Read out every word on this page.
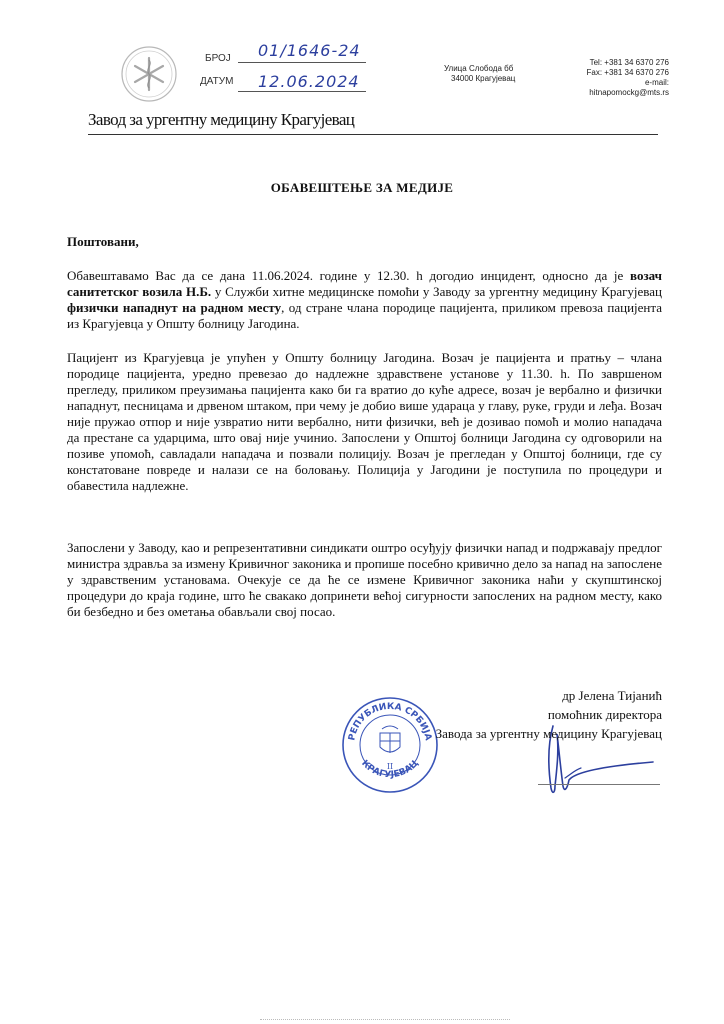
БРОЈ 01/1646-24
ДАТУМ 12.06.2024
Улица Слобода бб
34000 Крагујевац
Tel: +381 34 6370 276
Fax: +381 34 6370 276
e-mail:
hitnapomockg@mts.rs
Завод за ургентну медицину Крагујевац
ОБАВЕШТЕЊЕ ЗА МЕДИЈЕ
Поштовани,
Обавештавамо Вас да се дана 11.06.2024. године у 12.30. h догодио инцидент, односно да је возач санитетског возила Н.Б. у Служби хитне медицинске помоћи у Заводу за ургентну медицину Крагујевац физички нападнут на радном месту, од стране члана породице пацијента, приликом превоза пацијента из Крагујевца у Општу болницу Јагодина.
Пацијент из Крагујевца је упућен у Општу болницу Јагодина. Возач је пацијента и пратњу – члана породице пацијента, уредно превезао до надлежне здравствене установе у 11.30. h. По завршеном прегледу, приликом преузимања пацијента како би га вратио до куће адресе, возач је вербално и физички нападнут, песницама и дрвеном штаком, при чему је добио више ударaца у главу, руке, груди и леђа. Возач није пружао отпор и није узвратио нити вербално, нити физички, већ је дозивао помоћ и молио нападача да престане са ударцима, што овај није учинио. Запослени у Општој болници Јагодина су одговорили на позиве упомоћ, савладали нападача и позвали полицију. Возач је прегледан у Општој болници, где су констатоване повреде и налази се на боловању. Полиција у Јагодини је поступила по процедури и обавестила надлежне.
Запослени у Заводу, као и репрезентативни синдикати оштро осуђују физички напад и подржавају предлог министра здравља за измену Кривичног законика и пропише посебно кривично дело за напад на запослене у здравственим установама. Очекује се да ће се измене Кривичног законика наћи у скупштинској процедури до краја године, што ће свакако допринети већој сигурности запослених на радном месту, како би безбедно и без ометања обављали свој посао.
РЕПУБЛИКА СРБИЈА
КРАГУЈЕВАЦ
II
др Јелена Тијанић
помоћник директора
Завода за ургентну медицину Крагујевац
